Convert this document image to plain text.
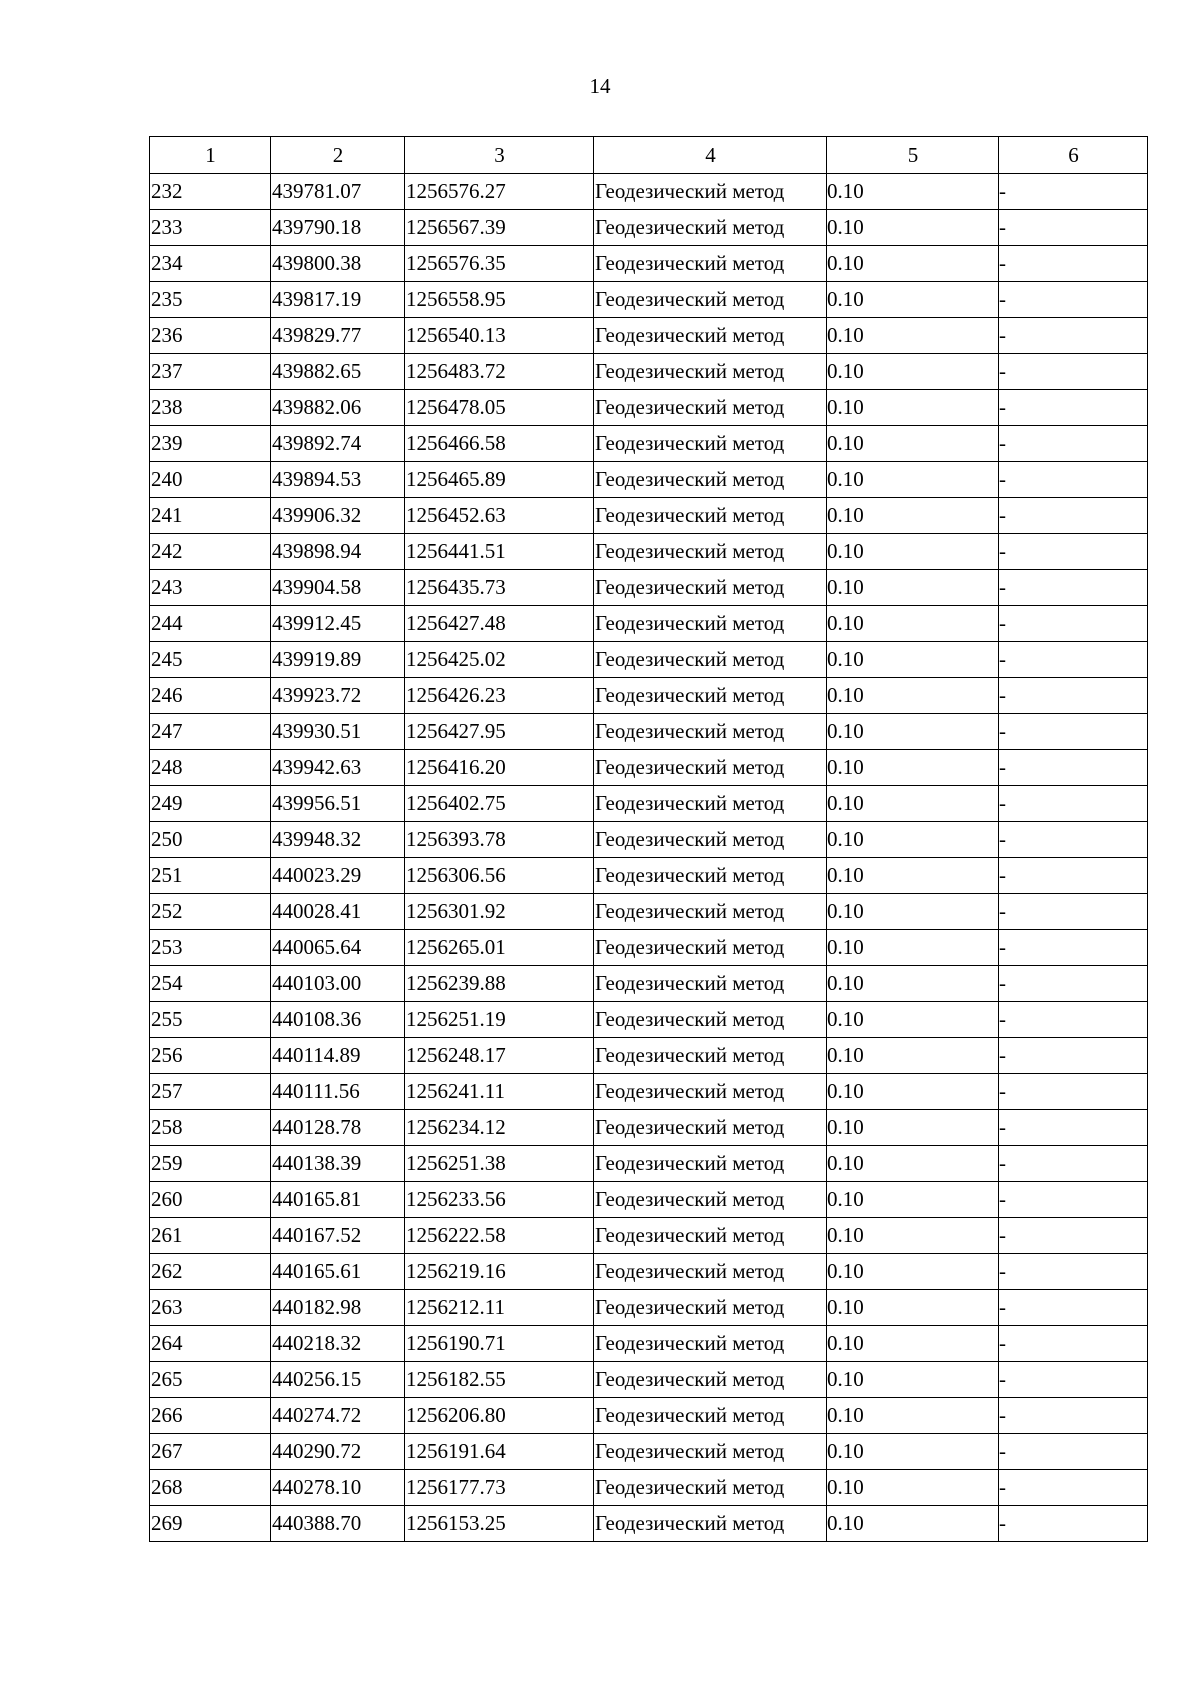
14
1	2	3	4	5	6
232	439781.07	1256576.27	Геодезический метод	0.10	-
233	439790.18	1256567.39	Геодезический метод	0.10	-
234	439800.38	1256576.35	Геодезический метод	0.10	-
235	439817.19	1256558.95	Геодезический метод	0.10	-
236	439829.77	1256540.13	Геодезический метод	0.10	-
237	439882.65	1256483.72	Геодезический метод	0.10	-
238	439882.06	1256478.05	Геодезический метод	0.10	-
239	439892.74	1256466.58	Геодезический метод	0.10	-
240	439894.53	1256465.89	Геодезический метод	0.10	-
241	439906.32	1256452.63	Геодезический метод	0.10	-
242	439898.94	1256441.51	Геодезический метод	0.10	-
243	439904.58	1256435.73	Геодезический метод	0.10	-
244	439912.45	1256427.48	Геодезический метод	0.10	-
245	439919.89	1256425.02	Геодезический метод	0.10	-
246	439923.72	1256426.23	Геодезический метод	0.10	-
247	439930.51	1256427.95	Геодезический метод	0.10	-
248	439942.63	1256416.20	Геодезический метод	0.10	-
249	439956.51	1256402.75	Геодезический метод	0.10	-
250	439948.32	1256393.78	Геодезический метод	0.10	-
251	440023.29	1256306.56	Геодезический метод	0.10	-
252	440028.41	1256301.92	Геодезический метод	0.10	-
253	440065.64	1256265.01	Геодезический метод	0.10	-
254	440103.00	1256239.88	Геодезический метод	0.10	-
255	440108.36	1256251.19	Геодезический метод	0.10	-
256	440114.89	1256248.17	Геодезический метод	0.10	-
257	440111.56	1256241.11	Геодезический метод	0.10	-
258	440128.78	1256234.12	Геодезический метод	0.10	-
259	440138.39	1256251.38	Геодезический метод	0.10	-
260	440165.81	1256233.56	Геодезический метод	0.10	-
261	440167.52	1256222.58	Геодезический метод	0.10	-
262	440165.61	1256219.16	Геодезический метод	0.10	-
263	440182.98	1256212.11	Геодезический метод	0.10	-
264	440218.32	1256190.71	Геодезический метод	0.10	-
265	440256.15	1256182.55	Геодезический метод	0.10	-
266	440274.72	1256206.80	Геодезический метод	0.10	-
267	440290.72	1256191.64	Геодезический метод	0.10	-
268	440278.10	1256177.73	Геодезический метод	0.10	-
269	440388.70	1256153.25	Геодезический метод	0.10	-
